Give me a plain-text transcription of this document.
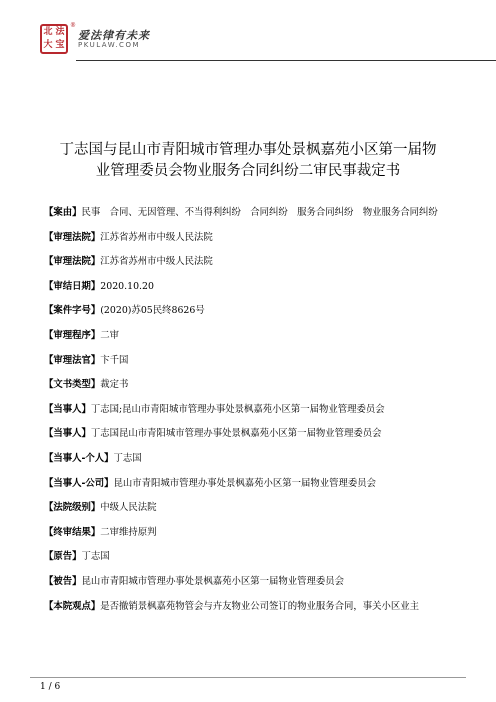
北 法
大 宝
®
爱法律有未来
PKULAW.COM
丁志国与昆山市青阳城市管理办事处景枫嘉苑小区第一届物
业管理委员会物业服务合同纠纷二审民事裁定书
【案由】民事　合同、无因管理、不当得利纠纷　合同纠纷　服务合同纠纷　物业服务合同纠纷
【审理法院】江苏省苏州市中级人民法院
【审理法院】江苏省苏州市中级人民法院
【审结日期】2020.10.20
【案件字号】(2020)苏05民终8626号
【审理程序】二审
【审理法官】卞千国
【文书类型】裁定书
【当事人】丁志国;昆山市青阳城市管理办事处景枫嘉苑小区第一届物业管理委员会
【当事人】丁志国昆山市青阳城市管理办事处景枫嘉苑小区第一届物业管理委员会
【当事人-个人】丁志国
【当事人-公司】昆山市青阳城市管理办事处景枫嘉苑小区第一届物业管理委员会
【法院级别】中级人民法院
【终审结果】二审维持原判
【原告】丁志国
【被告】昆山市青阳城市管理办事处景枫嘉苑小区第一届物业管理委员会
【本院观点】是否撤销景枫嘉苑物管会与卉友物业公司签订的物业服务合同，事关小区业主
1 / 6
